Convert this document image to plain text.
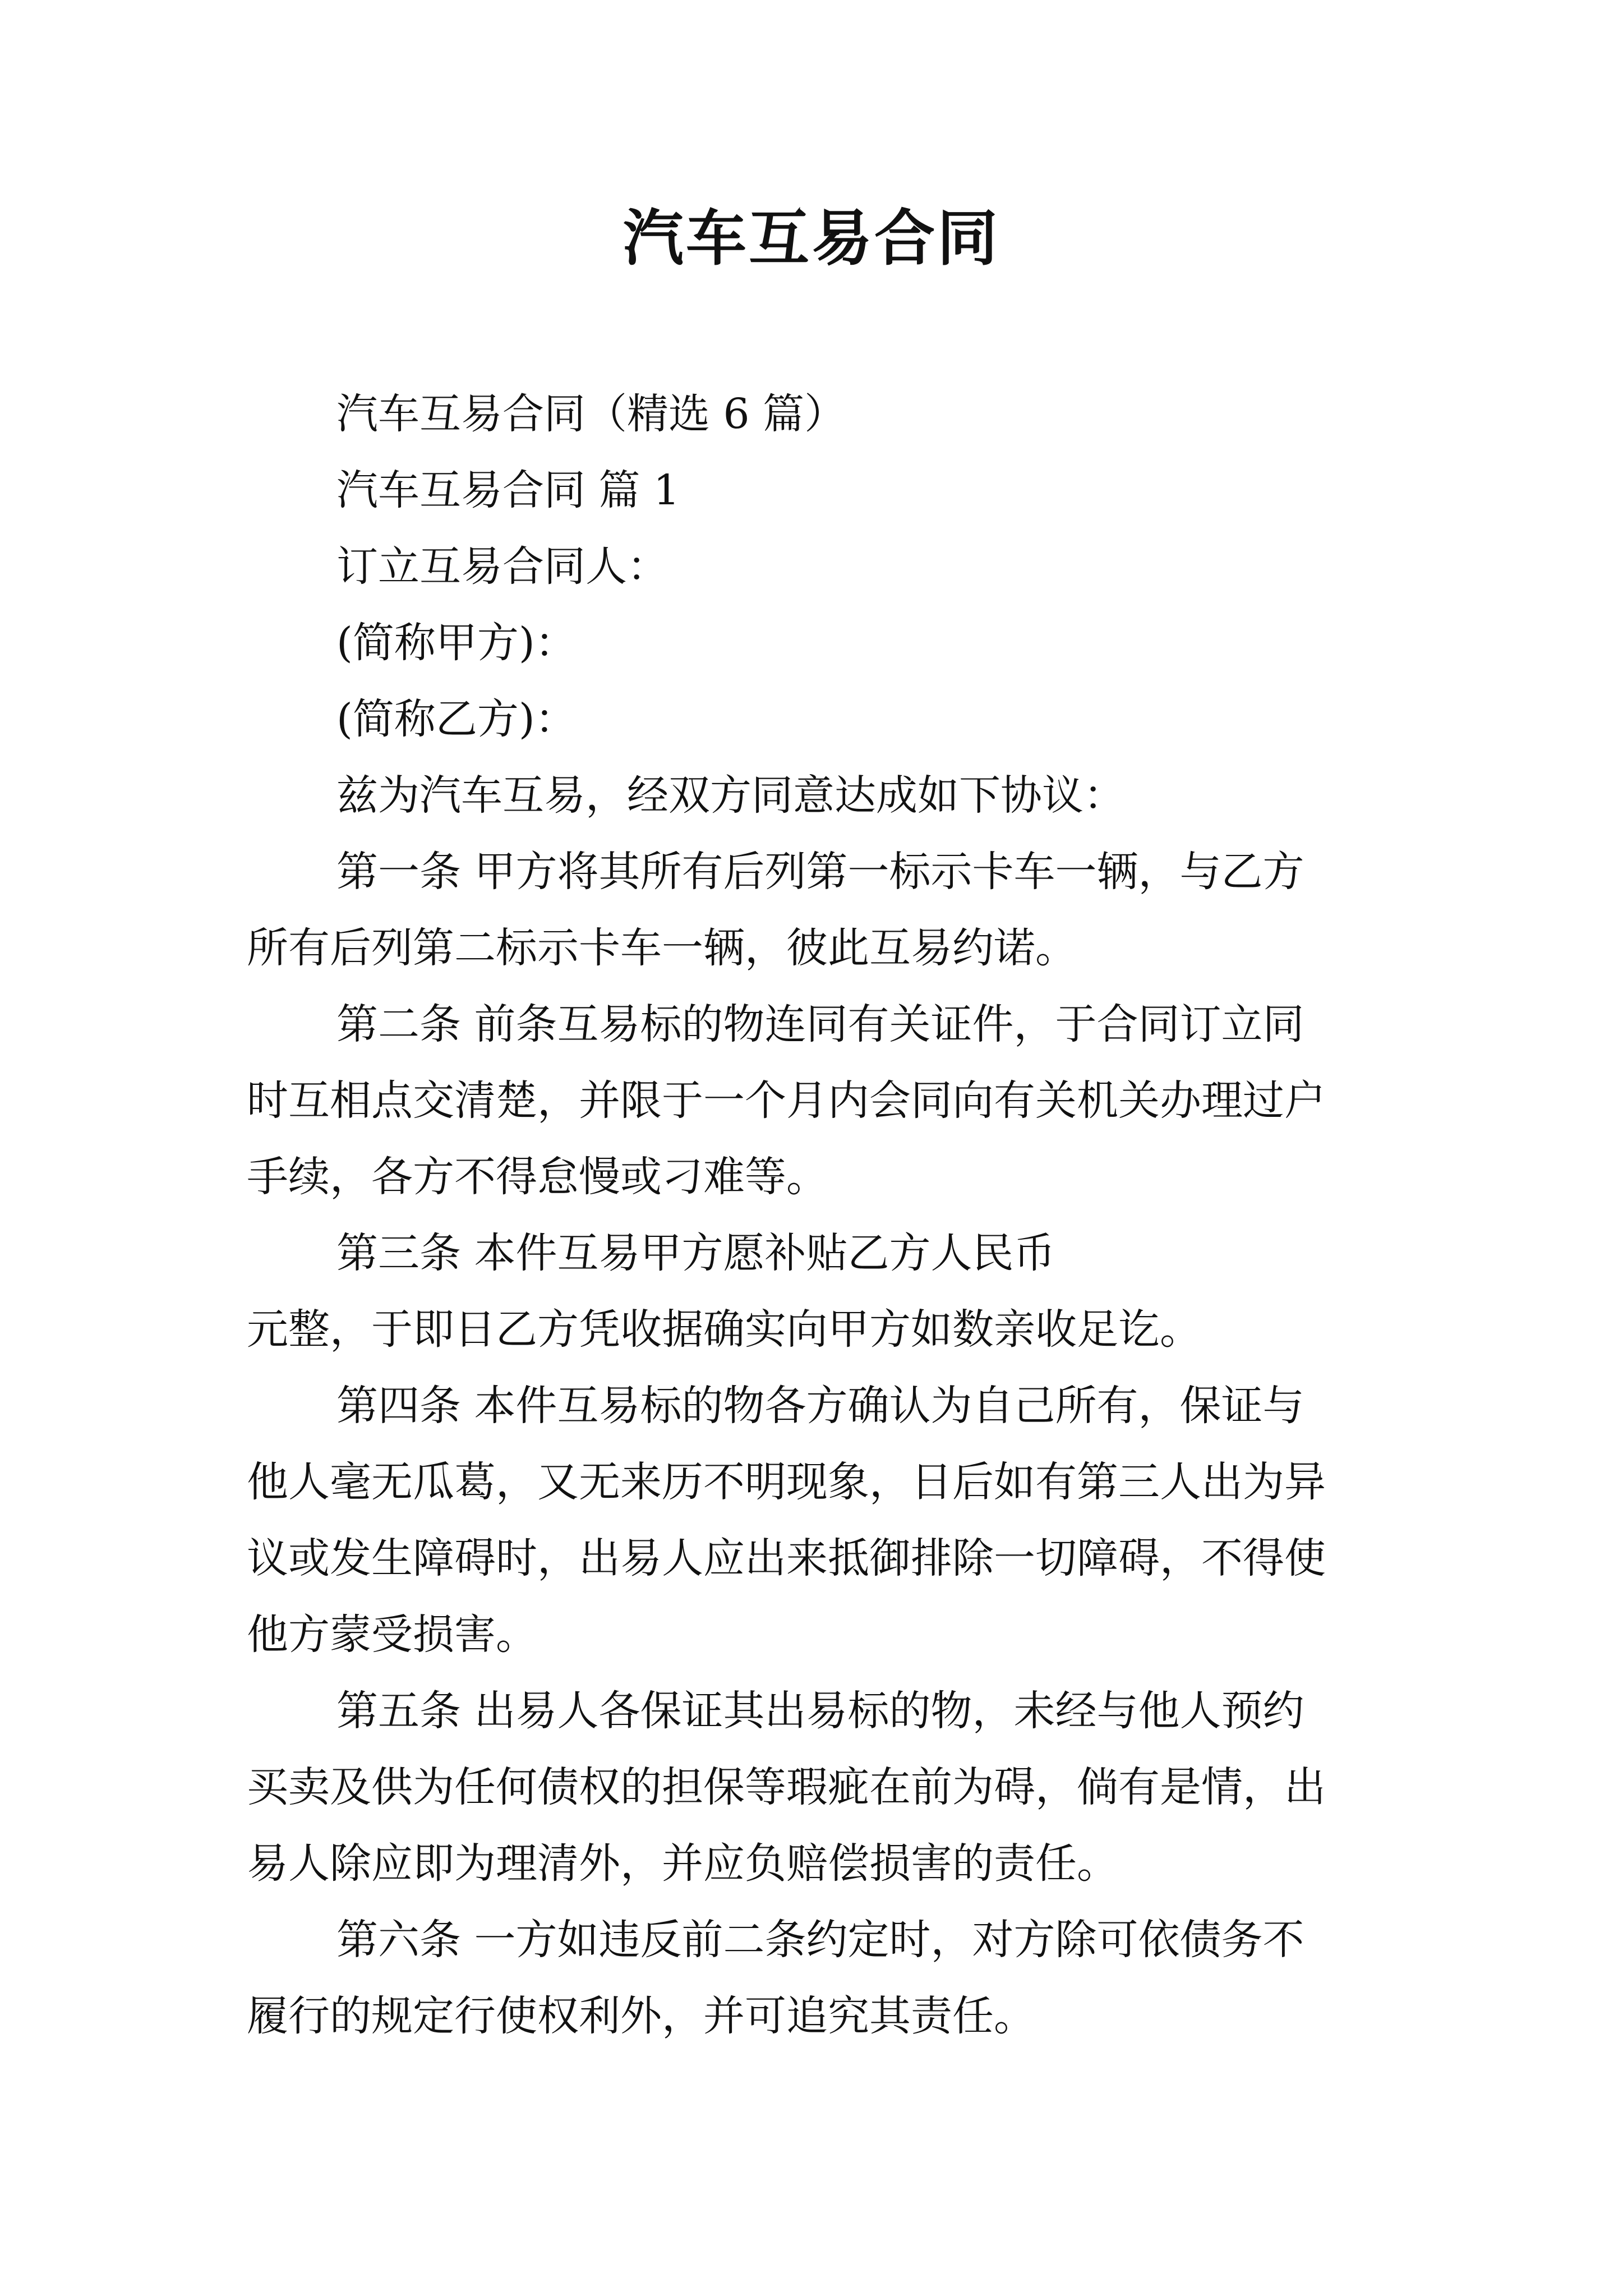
汽车互易合同
汽车互易合同（精选 6 篇）
汽车互易合同 篇 1
订立互易合同人：
(简称甲方)：
(简称乙方)：
兹为汽车互易，经双方同意达成如下协议：
第一条 甲方将其所有后列第一标示卡车一辆，与乙方
所有后列第二标示卡车一辆，彼此互易约诺。
第二条 前条互易标的物连同有关证件，于合同订立同
时互相点交清楚，并限于一个月内会同向有关机关办理过户
手续，各方不得怠慢或刁难等。
第三条 本件互易甲方愿补贴乙方人民币
元整，于即日乙方凭收据确实向甲方如数亲收足讫。
第四条 本件互易标的物各方确认为自己所有，保证与
他人毫无瓜葛，又无来历不明现象，日后如有第三人出为异
议或发生障碍时，出易人应出来抵御排除一切障碍，不得使
他方蒙受损害。
第五条 出易人各保证其出易标的物，未经与他人预约
买卖及供为任何债权的担保等瑕疵在前为碍，倘有是情，出
易人除应即为理清外，并应负赔偿损害的责任。
第六条 一方如违反前二条约定时，对方除可依债务不
履行的规定行使权利外，并可追究其责任。
